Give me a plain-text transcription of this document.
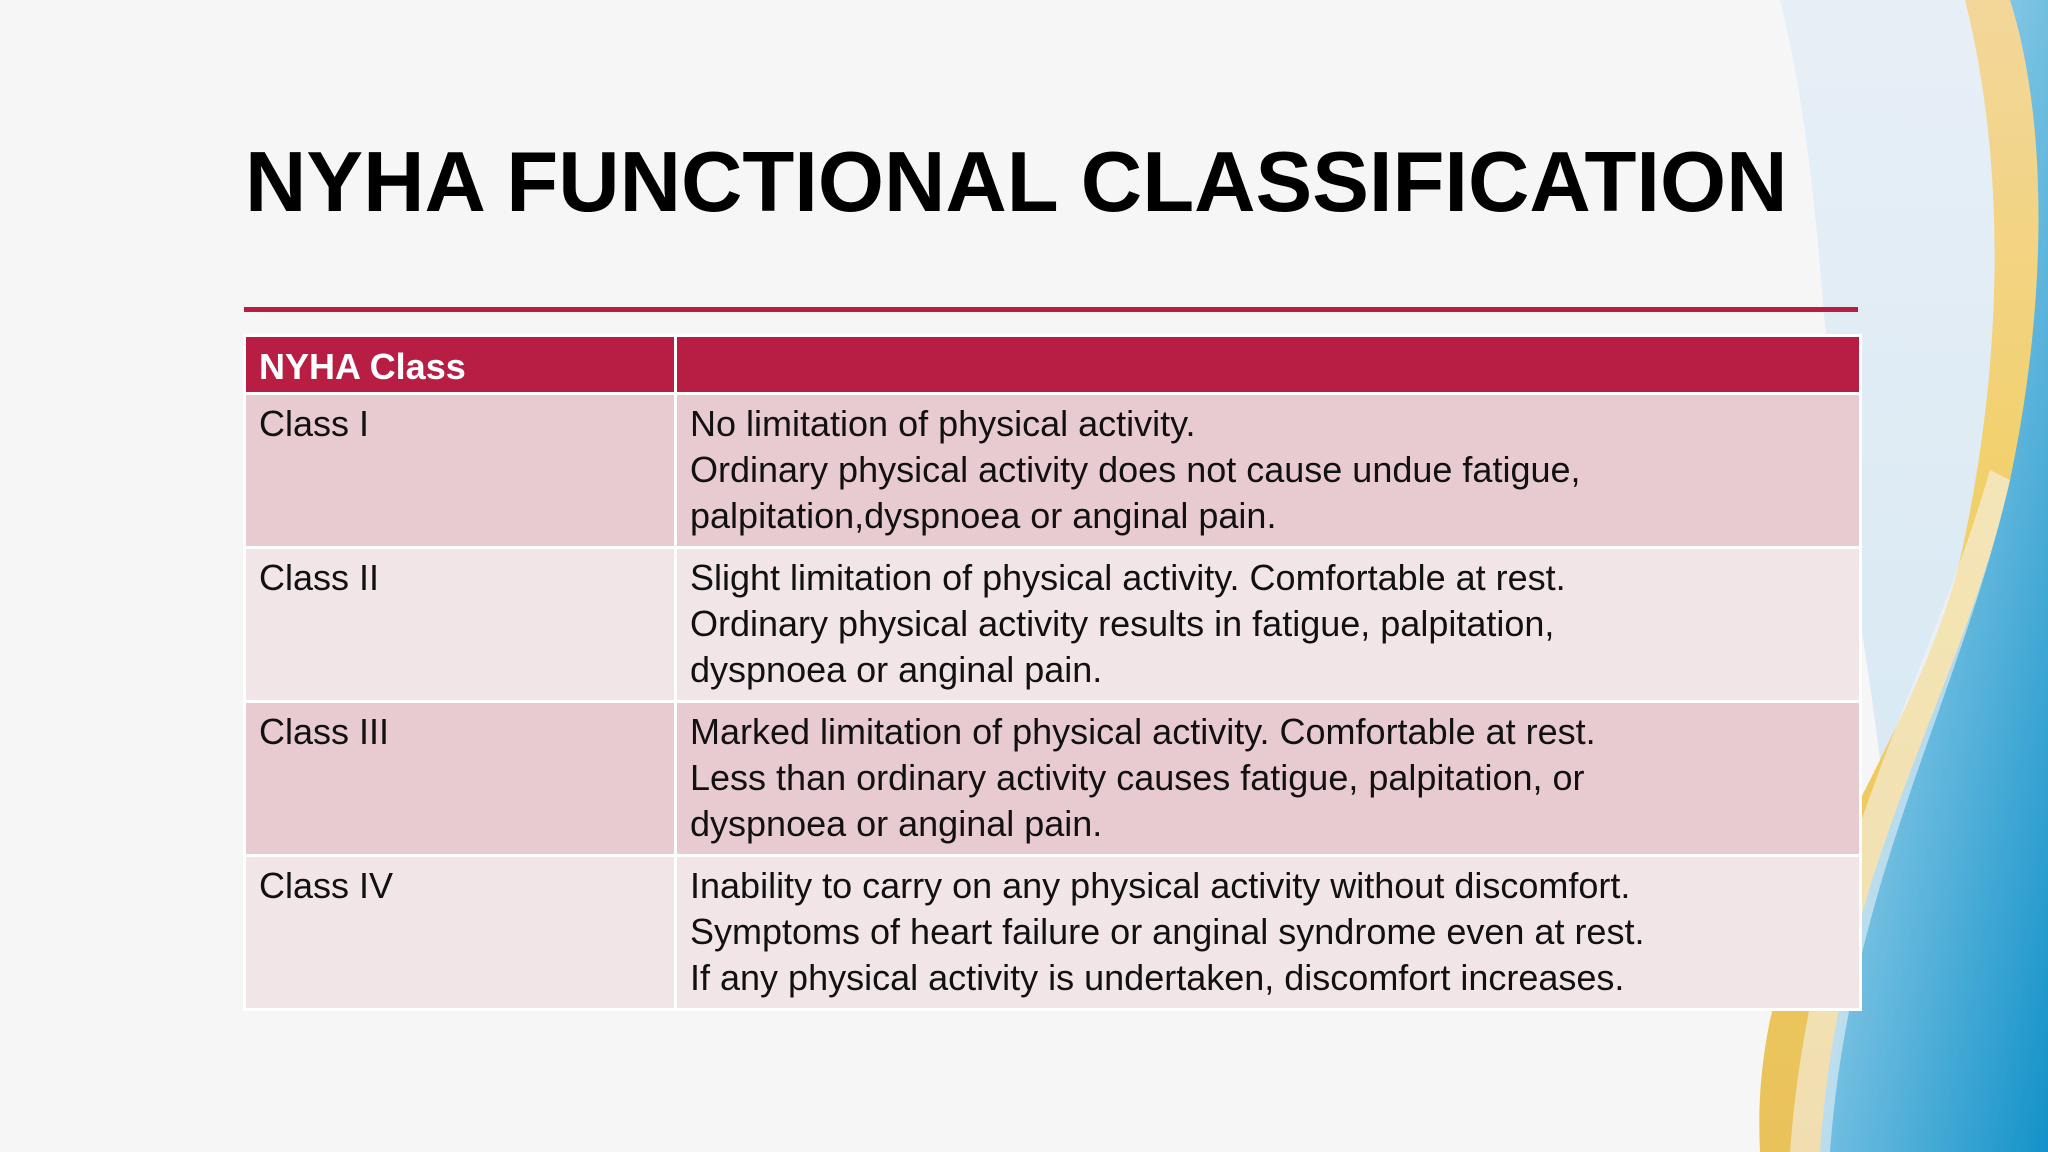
NYHA FUNCTIONAL CLASSIFICATION
NYHA Class	
Class I	No limitation of physical activity.
Ordinary physical activity does not cause undue fatigue,
palpitation,dyspnoea or anginal pain.

Class II	Slight limitation of physical activity. Comfortable at rest.
Ordinary physical activity results in fatigue, palpitation,
dyspnoea or anginal pain.

Class III	Marked limitation of physical activity. Comfortable at rest.
Less than ordinary activity causes fatigue, palpitation, or
dyspnoea or anginal pain.

Class IV	Inability to carry on any physical activity without discomfort.
Symptoms of heart failure or anginal syndrome even at rest.
If any physical activity is undertaken, discomfort increases.
